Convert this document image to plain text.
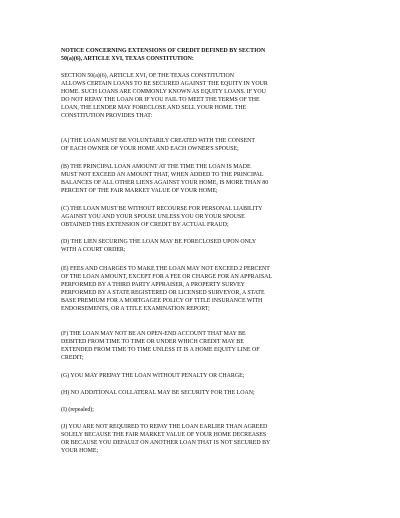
NOTICE CONCERNING EXTENSIONS OF CREDIT DEFINED BY SECTION
50(a)(6), ARTICLE XVI, TEXAS CONSTITUTION:
SECTION 50(a)(6), ARTICLE XVI, OF THE TEXAS CONSTITUTION
ALLOWS CERTAIN LOANS TO BE SECURED AGAINST THE EQUITY IN YOUR
HOME. SUCH LOANS ARE COMMONLY KNOWN AS EQUITY LOANS. IF YOU
DO NOT REPAY THE LOAN OR IF YOU FAIL TO MEET THE TERMS OF THE
LOAN, THE LENDER MAY FORECLOSE AND SELL YOUR HOME. THE
CONSTITUTION PROVIDES THAT:
(A) THE LOAN MUST BE VOLUNTARILY CREATED WITH THE CONSENT
OF EACH OWNER OF YOUR HOME AND EACH OWNER'S SPOUSE;
(B) THE PRINCIPAL LOAN AMOUNT AT THE TIME THE LOAN IS MADE
MUST NOT EXCEED AN AMOUNT THAT, WHEN ADDED TO THE PRINCIPAL
BALANCES OF ALL OTHER LIENS AGAINST YOUR HOME, IS MORE THAN 80
PERCENT OF THE FAIR MARKET VALUE OF YOUR HOME;
(C) THE LOAN MUST BE WITHOUT RECOURSE FOR PERSONAL LIABILITY
AGAINST YOU AND YOUR SPOUSE UNLESS YOU OR YOUR SPOUSE
OBTAINED THIS EXTENSION OF CREDIT BY ACTUAL FRAUD;
(D) THE LIEN SECURING THE LOAN MAY BE FORECLOSED UPON ONLY
WITH A COURT ORDER;
(E) FEES AND CHARGES TO MAKE THE LOAN MAY NOT EXCEED 2 PERCENT
OF THE LOAN AMOUNT, EXCEPT FOR A FEE OR CHARGE FOR AN APPRAISAL
PERFORMED BY A THIRD PARTY APPRAISER, A PROPERTY SURVEY
PERFORMED BY A STATE REGISTERED OR LICENSED SURVEYOR, A STATE
BASE PREMIUM FOR A MORTGAGEE POLICY OF TITLE INSURANCE WITH
ENDORSEMENTS, OR A TITLE EXAMINATION REPORT;
(F) THE LOAN MAY NOT BE AN OPEN-END ACCOUNT THAT MAY BE
DEBITED FROM TIME TO TIME OR UNDER WHICH CREDIT MAY BE
EXTENDED FROM TIME TO TIME UNLESS IT IS A HOME EQUITY LINE OF
CREDIT;
(G) YOU MAY PREPAY THE LOAN WITHOUT PENALTY OR CHARGE;
(H) NO ADDITIONAL COLLATERAL MAY BE SECURITY FOR THE LOAN;
(I) (repealed);
(J) YOU ARE NOT REQUIRED TO REPAY THE LOAN EARLIER THAN AGREED
SOLELY BECAUSE THE FAIR MARKET VALUE OF YOUR HOME DECREASES
OR BECAUSE YOU DEFAULT ON ANOTHER LOAN THAT IS NOT SECURED BY
YOUR HOME;
